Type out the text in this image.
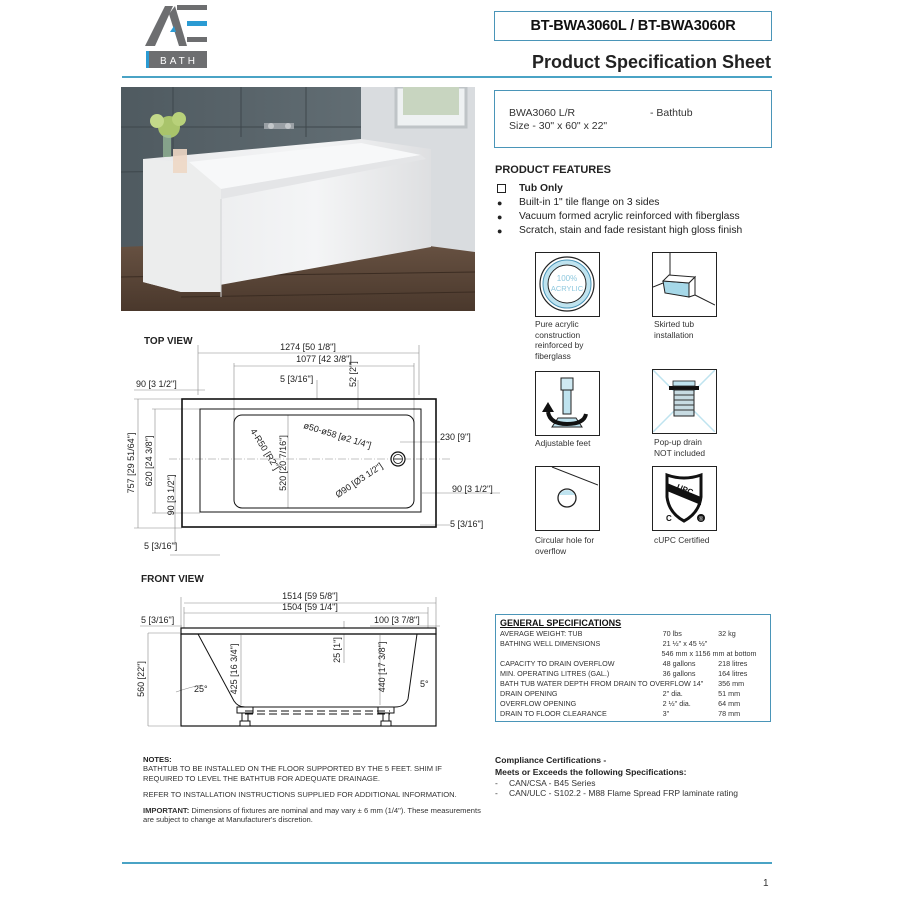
BATH
BT-BWA3060L / BT-BWA3060R
Product Specification Sheet
BWA3060 L/R
Size - 30" x 60" x 22"
- Bathtub
PRODUCT FEATURES
Tub Only
●	Built-in 1" tile flange on 3 sides
●	Vacuum formed acrylic reinforced with fiberglass
●	Scratch, stain and fade resistant high gloss finish
100%
ACRYLIC
Pure acrylic
construction
reinforced by
fiberglass
Skirted tub
installation
Adjustable feet	Pop-up drain
NOT included
Circular hole for
overflow
UPC
C	®
cUPC Certified
TOP VIEW	1274 [50 1/8"]
1077 [42 3/8"]
90 [3 1/2"]	5 [3/16"]	52 [2"]
757 [29 51/64"] 620 [24 3/8"]
90 [3 1/2"]
5 [3/16"]
4-R50 [R2"]
520 [20 7/16"] ø50-ø58 [ø2 1/4"]
Ø90 [Ø3 1/2"]
230 [9"]
90 [3 1/2"]
5 [3/16"]
FRONT VIEW
1514 [59 5/8"]
1504 [59 1/4"]
5 [3/16"]	100 [3 7/8"]
560 [22"]
25 [1"]
425 [16 3/4"]	440 [17 3/8"]
25°	5°
GENERAL SPECIFICATIONS
AVERAGE WEIGHT: TUB	70 lbs	32 kg
BATHING WELL DIMENSIONS	21 ½" x 45 ½"
546 mm x 1156 mm at bottom
CAPACITY TO DRAIN OVERFLOW	48 gallons	218 litres
MIN. OPERATING LITRES (GAL.)	36 gallons	164 litres
BATH TUB WATER DEPTH FROM DRAIN TO OVERFLOW 14"	356 mm
DRAIN OPENING	2" dia.	51 mm
OVERFLOW OPENING	2 ½" dia.	64 mm
DRAIN TO FLOOR CLEARANCE	3"	78 mm
NOTES:

BATHTUB TO BE INSTALLED ON THE FLOOR SUPPORTED BY THE 5 FEET. SHIM IF REQUIRED TO LEVEL THE BATHTUB FOR ADEQUATE DRAINAGE.

REFER TO INSTALLATION INSTRUCTIONS SUPPLIED FOR ADDITIONAL INFORMATION.

IMPORTANT: Dimensions of fixtures are nominal and may vary ± 6 mm (1/4"). These measurements are subject to change at Manufacturer's discretion.

Compliance Certifications -
Meets or Exceeds the following Specifications:
-	CAN/CSA - B45 Series
-	CAN/ULC - S102.2 - M88 Flame Spread FRP laminate rating
1
